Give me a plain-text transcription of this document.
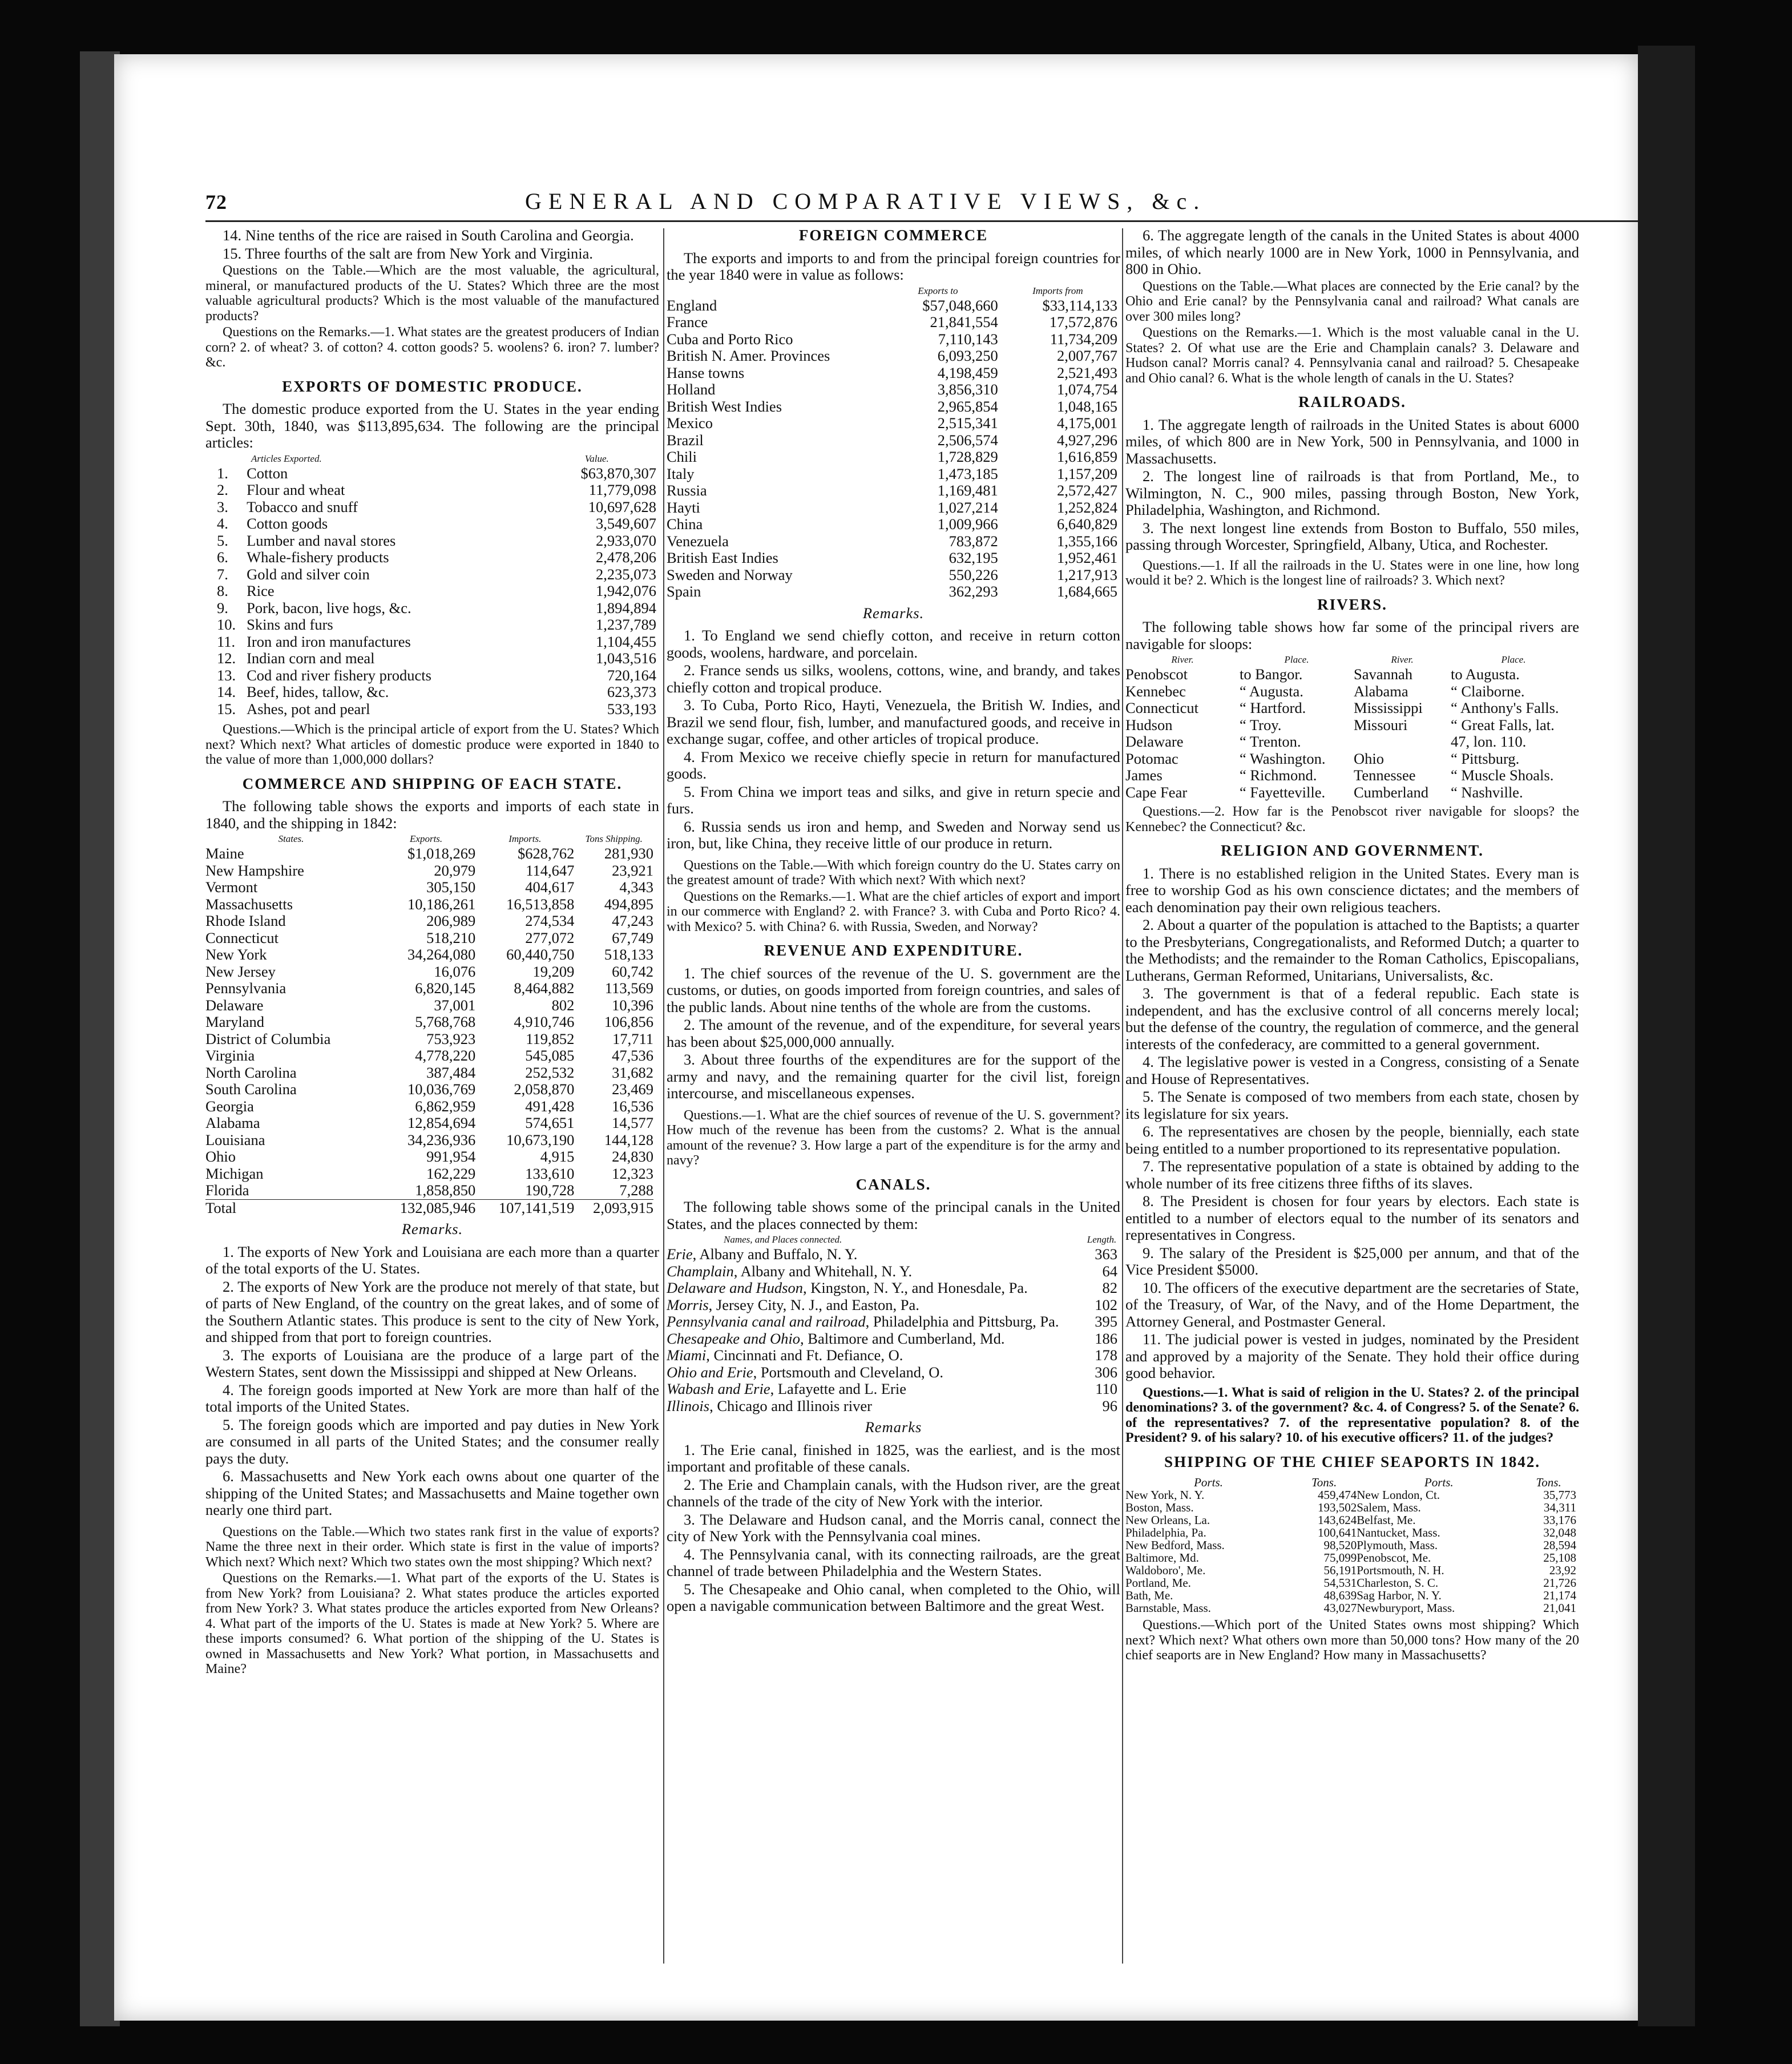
72	GENERAL AND COMPARATIVE VIEWS, &c.

14. Nine tenths of the rice are raised in South Carolina and Georgia.

15. Three fourths of the salt are from New York and Virginia.

Questions on the Table.—Which are the most valuable, the agricultural, mineral, or manufactured products of the U. States? Which three are the most valuable agricultural products? Which is the most valuable of the manufactured products?

Questions on the Remarks.—1. What states are the greatest producers of Indian corn? 2. of wheat? 3. of cotton? 4. cotton goods? 5. woolens? 6. iron? 7. lumber? &c.

EXPORTS OF DOMESTIC PRODUCE.

The domestic produce exported from the U. States in the year ending Sept. 30th, 1840, was $113,895,634. The following are the principal articles:

Articles Exported.		Value.
1.	Cotton	$63,870,307
2.	Flour and wheat	11,779,098
3.	Tobacco and snuff	10,697,628
4.	Cotton goods	3,549,607
5.	Lumber and naval stores	2,933,070
6.	Whale-fishery products	2,478,206
7.	Gold and silver coin	2,235,073
8.	Rice	1,942,076
9.	Pork, bacon, live hogs, &c.	1,894,894
10.	Skins and furs	1,237,789
11.	Iron and iron manufactures	1,104,455
12.	Indian corn and meal	1,043,516
13.	Cod and river fishery products	720,164
14.	Beef, hides, tallow, &c.	623,373
15.	Ashes, pot and pearl	533,193

Questions.—Which is the principal article of export from the U. States? Which next? Which next? What articles of domestic produce were exported in 1840 to the value of more than 1,000,000 dollars?

COMMERCE AND SHIPPING OF EACH STATE.

The following table shows the exports and imports of each state in 1840, and the shipping in 1842:

States.	Exports.	Imports.	Tons Shipping.
Maine	$1,018,269	$628,762	281,930
New Hampshire	20,979	114,647	23,921
Vermont	305,150	404,617	4,343
Massachusetts	10,186,261	16,513,858	494,895
Rhode Island	206,989	274,534	47,243
Connecticut	518,210	277,072	67,749
New York	34,264,080	60,440,750	518,133
New Jersey	16,076	19,209	60,742
Pennsylvania	6,820,145	8,464,882	113,569
Delaware	37,001	802	10,396
Maryland	5,768,768	4,910,746	106,856
District of Columbia	753,923	119,852	17,711
Virginia	4,778,220	545,085	47,536
North Carolina	387,484	252,532	31,682
South Carolina	10,036,769	2,058,870	23,469
Georgia	6,862,959	491,428	16,536
Alabama	12,854,694	574,651	14,577
Louisiana	34,236,936	10,673,190	144,128
Ohio	991,954	4,915	24,830
Michigan	162,229	133,610	12,323
Florida	1,858,850	190,728	7,288
Total	132,085,946	107,141,519	2,093,915
Remarks.

1. The exports of New York and Louisiana are each more than a quarter of the total exports of the U. States.

2. The exports of New York are the produce not merely of that state, but of parts of New England, of the country on the great lakes, and of some of the Southern Atlantic states. This produce is sent to the city of New York, and shipped from that port to foreign countries.

3. The exports of Louisiana are the produce of a large part of the Western States, sent down the Mississippi and shipped at New Orleans.

4. The foreign goods imported at New York are more than half of the total imports of the United States.

5. The foreign goods which are imported and pay duties in New York are consumed in all parts of the United States; and the consumer really pays the duty.

6. Massachusetts and New York each owns about one quarter of the shipping of the United States; and Massachusetts and Maine together own nearly one third part.

Questions on the Table.—Which two states rank first in the value of exports? Name the three next in their order. Which state is first in the value of imports? Which next? Which next? Which two states own the most shipping? Which next?

Questions on the Remarks.—1. What part of the exports of the U. States is from New York? from Louisiana? 2. What states produce the articles exported from New York? 3. What states produce the articles exported from New Orleans? 4. What part of the imports of the U. States is made at New York? 5. Where are these imports consumed? 6. What portion of the shipping of the U. States is owned in Massachusetts and New York? What portion, in Massachusetts and Maine?

FOREIGN COMMERCE

The exports and imports to and from the principal foreign countries for the year 1840 were in value as follows:

	Exports to	Imports from
England	$57,048,660	$33,114,133
France	21,841,554	17,572,876
Cuba and Porto Rico	7,110,143	11,734,209
British N. Amer. Provinces	6,093,250	2,007,767
Hanse towns	4,198,459	2,521,493
Holland	3,856,310	1,074,754
British West Indies	2,965,854	1,048,165
Mexico	2,515,341	4,175,001
Brazil	2,506,574	4,927,296
Chili	1,728,829	1,616,859
Italy	1,473,185	1,157,209
Russia	1,169,481	2,572,427
Hayti	1,027,214	1,252,824
China	1,009,966	6,640,829
Venezuela	783,872	1,355,166
British East Indies	632,195	1,952,461
Sweden and Norway	550,226	1,217,913
Spain	362,293	1,684,665
Remarks.

1. To England we send chiefly cotton, and receive in return cotton goods, woolens, hardware, and porcelain.

2. France sends us silks, woolens, cottons, wine, and brandy, and takes chiefly cotton and tropical produce.

3. To Cuba, Porto Rico, Hayti, Venezuela, the British W. Indies, and Brazil we send flour, fish, lumber, and manufactured goods, and receive in exchange sugar, coffee, and other articles of tropical produce.

4. From Mexico we receive chiefly specie in return for manufactured goods.

5. From China we import teas and silks, and give in return specie and furs.

6. Russia sends us iron and hemp, and Sweden and Norway send us iron, but, like China, they receive little of our produce in return.

Questions on the Table.—With which foreign country do the U. States carry on the greatest amount of trade? With which next? With which next?

Questions on the Remarks.—1. What are the chief articles of export and import in our commerce with England? 2. with France? 3. with Cuba and Porto Rico? 4. with Mexico? 5. with China? 6. with Russia, Sweden, and Norway?

REVENUE AND EXPENDITURE.

1. The chief sources of the revenue of the U. S. government are the customs, or duties, on goods imported from foreign countries, and sales of the public lands. About nine tenths of the whole are from the customs.

2. The amount of the revenue, and of the expenditure, for several years has been about $25,000,000 annually.

3. About three fourths of the expenditures are for the support of the army and navy, and the remaining quarter for the civil list, foreign intercourse, and miscellaneous expenses.

Questions.—1. What are the chief sources of revenue of the U. S. government? How much of the revenue has been from the customs? 2. What is the annual amount of the revenue? 3. How large a part of the expenditure is for the army and navy?

CANALS.

The following table shows some of the principal canals in the United States, and the places connected by them:

Names, and Places connected.	Length.
Erie, Albany and Buffalo, N. Y.	363
Champlain, Albany and Whitehall, N. Y.	64
Delaware and Hudson, Kingston, N. Y., and Honesdale, Pa.	82
Morris, Jersey City, N. J., and Easton, Pa.	102
Pennsylvania canal and railroad, Philadelphia and Pittsburg, Pa.	395
Chesapeake and Ohio, Baltimore and Cumberland, Md.	186
Miami, Cincinnati and Ft. Defiance, O.	178
Ohio and Erie, Portsmouth and Cleveland, O.	306
Wabash and Erie, Lafayette and L. Erie	110
Illinois, Chicago and Illinois river	96
Remarks

1. The Erie canal, finished in 1825, was the earliest, and is the most important and profitable of these canals.

2. The Erie and Champlain canals, with the Hudson river, are the great channels of the trade of the city of New York with the interior.

3. The Delaware and Hudson canal, and the Morris canal, connect the city of New York with the Pennsylvania coal mines.

4. The Pennsylvania canal, with its connecting railroads, are the great channel of trade between Philadelphia and the Western States.

5. The Chesapeake and Ohio canal, when completed to the Ohio, will open a navigable communication between Baltimore and the great West.

6. The aggregate length of the canals in the United States is about 4000 miles, of which nearly 1000 are in New York, 1000 in Pennsylvania, and 800 in Ohio.

Questions on the Table.—What places are connected by the Erie canal? by the Ohio and Erie canal? by the Pennsylvania canal and railroad? What canals are over 300 miles long?

Questions on the Remarks.—1. Which is the most valuable canal in the U. States? 2. Of what use are the Erie and Champlain canals? 3. Delaware and Hudson canal? Morris canal? 4. Pennsylvania canal and railroad? 5. Chesapeake and Ohio canal? 6. What is the whole length of canals in the U. States?

RAILROADS.

1. The aggregate length of railroads in the United States is about 6000 miles, of which 800 are in New York, 500 in Pennsylvania, and 1000 in Massachusetts.

2. The longest line of railroads is that from Portland, Me., to Wilmington, N. C., 900 miles, passing through Boston, New York, Philadelphia, Washington, and Richmond.

3. The next longest line extends from Boston to Buffalo, 550 miles, passing through Worcester, Springfield, Albany, Utica, and Rochester.

Questions.—1. If all the railroads in the U. States were in one line, how long would it be? 2. Which is the longest line of railroads? 3. Which next?

RIVERS.

The following table shows how far some of the principal rivers are navigable for sloops:

River.	Place.	River.	Place.
Penobscot	to Bangor.	Savannah	to Augusta.
Kennebec	“ Augusta.	Alabama	“ Claiborne.
Connecticut	“ Hartford.	Mississippi	“ Anthony's Falls.
Hudson	“ Troy.	Missouri	“ Great Falls, lat.
Delaware	“ Trenton.		47, lon. 110.
Potomac	“ Washington.	Ohio	“ Pittsburg.
James	“ Richmond.	Tennessee	“ Muscle Shoals.
Cape Fear	“ Fayetteville.	Cumberland	“ Nashville.

Questions.—2. How far is the Penobscot river navigable for sloops? the Kennebec? the Connecticut? &c.

RELIGION AND GOVERNMENT.

1. There is no established religion in the United States. Every man is free to worship God as his own conscience dictates; and the members of each denomination pay their own religious teachers.

2. About a quarter of the population is attached to the Baptists; a quarter to the Presbyterians, Congregationalists, and Reformed Dutch; a quarter to the Methodists; and the remainder to the Roman Catholics, Episcopalians, Lutherans, German Reformed, Unitarians, Universalists, &c.

3. The government is that of a federal republic. Each state is independent, and has the exclusive control of all concerns merely local; but the defense of the country, the regulation of commerce, and the general interests of the confederacy, are committed to a general government.

4. The legislative power is vested in a Congress, consisting of a Senate and House of Representatives.

5. The Senate is composed of two members from each state, chosen by its legislature for six years.

6. The representatives are chosen by the people, biennially, each state being entitled to a number proportioned to its representative population.

7. The representative population of a state is obtained by adding to the whole number of its free citizens three fifths of its slaves.

8. The President is chosen for four years by electors. Each state is entitled to a number of electors equal to the number of its senators and representatives in Congress.

9. The salary of the President is $25,000 per annum, and that of the Vice President $5000.

10. The officers of the executive department are the secretaries of State, of the Treasury, of War, of the Navy, and of the Home Department, the Attorney General, and Postmaster General.

11. The judicial power is vested in judges, nominated by the President and approved by a majority of the Senate. They hold their office during good behavior.

Questions.—1. What is said of religion in the U. States? 2. of the principal denominations? 3. of the government? &c. 4. of Congress? 5. of the Senate? 6. of the representatives? 7. of the representative population? 8. of the President? 9. of his salary? 10. of his executive officers? 11. of the judges?

SHIPPING OF THE CHIEF SEAPORTS IN 1842.
Ports.	Tons.	Ports.	Tons.
New York, N. Y.	459,474	New London, Ct.	35,773
Boston, Mass.	193,502	Salem, Mass.	34,311
New Orleans, La.	143,624	Belfast, Me.	33,176
Philadelphia, Pa.	100,641	Nantucket, Mass.	32,048
New Bedford, Mass.	98,520	Plymouth, Mass.	28,594
Baltimore, Md.	75,099	Penobscot, Me.	25,108
Waldoboro', Me.	56,191	Portsmouth, N. H.	23,92
Portland, Me.	54,531	Charleston, S. C.	21,726
Bath, Me.	48,639	Sag Harbor, N. Y.	21,174
Barnstable, Mass.	43,027	Newburyport, Mass.	21,041

Questions.—Which port of the United States owns most shipping? Which next? Which next? What others own more than 50,000 tons? How many of the 20 chief seaports are in New England? How many in Massachusetts?
